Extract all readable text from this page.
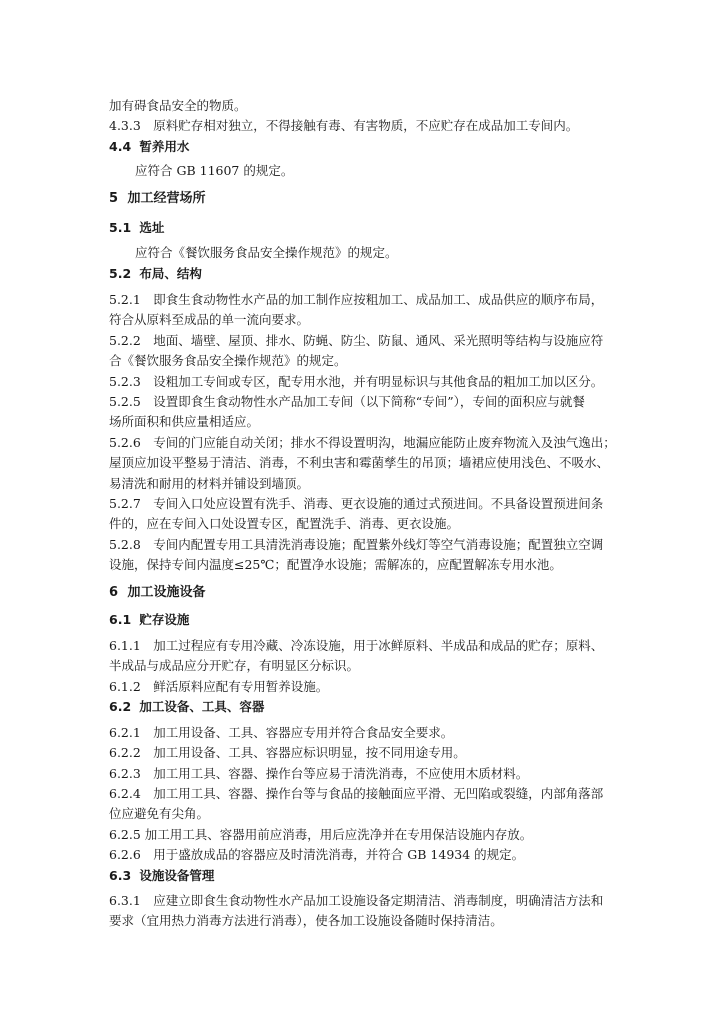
加有碍食品安全的物质。
4.3.3　原料贮存相对独立，不得接触有毒、有害物质，不应贮存在成品加工专间内。
4.4 暂养用水
应符合 GB 11607 的规定。
5 加工经营场所
5.1 选址
应符合《餐饮服务食品安全操作规范》的规定。
5.2 布局、结构
5.2.1　即食生食动物性水产品的加工制作应按粗加工、成品加工、成品供应的顺序布局，
符合从原料至成品的单一流向要求。
5.2.2　地面、墙壁、屋顶、排水、防蝇、防尘、防鼠、通风、采光照明等结构与设施应符
合《餐饮服务食品安全操作规范》的规定。
5.2.3　设粗加工专间或专区，配专用水池，并有明显标识与其他食品的粗加工加以区分。
5.2.5　设置即食生食动物性水产品加工专间（以下简称“专间”），专间的面积应与就餐
场所面积和供应量相适应。
5.2.6　专间的门应能自动关闭；排水不得设置明沟，地漏应能防止废弃物流入及浊气逸出；
屋顶应加设平整易于清洁、消毒，不利虫害和霉菌孳生的吊顶；墙裙应使用浅色、不吸水、
易清洗和耐用的材料并铺设到墙顶。
5.2.7　专间入口处应设置有洗手、消毒、更衣设施的通过式预进间。不具备设置预进间条
件的，应在专间入口处设置专区，配置洗手、消毒、更衣设施。
5.2.8　专间内配置专用工具清洗消毒设施；配置紫外线灯等空气消毒设施；配置独立空调
设施，保持专间内温度≤25℃；配置净水设施；需解冻的，应配置解冻专用水池。
6 加工设施设备
6.1 贮存设施
6.1.1　加工过程应有专用冷藏、冷冻设施，用于冰鲜原料、半成品和成品的贮存；原料、
半成品与成品应分开贮存，有明显区分标识。
6.1.2　鲜活原料应配有专用暂养设施。
6.2 加工设备、工具、容器
6.2.1　加工用设备、工具、容器应专用并符合食品安全要求。
6.2.2　加工用设备、工具、容器应标识明显，按不同用途专用。
6.2.3　加工用工具、容器、操作台等应易于清洗消毒，不应使用木质材料。
6.2.4　加工用工具、容器、操作台等与食品的接触面应平滑、无凹陷或裂缝，内部角落部
位应避免有尖角。
6.2.5 加工用工具、容器用前应消毒，用后应洗净并在专用保洁设施内存放。
6.2.6　用于盛放成品的容器应及时清洗消毒，并符合 GB 14934 的规定。
6.3 设施设备管理
6.3.1　应建立即食生食动物性水产品加工设施设备定期清洁、消毒制度，明确清洁方法和
要求（宜用热力消毒方法进行消毒），使各加工设施设备随时保持清洁。
